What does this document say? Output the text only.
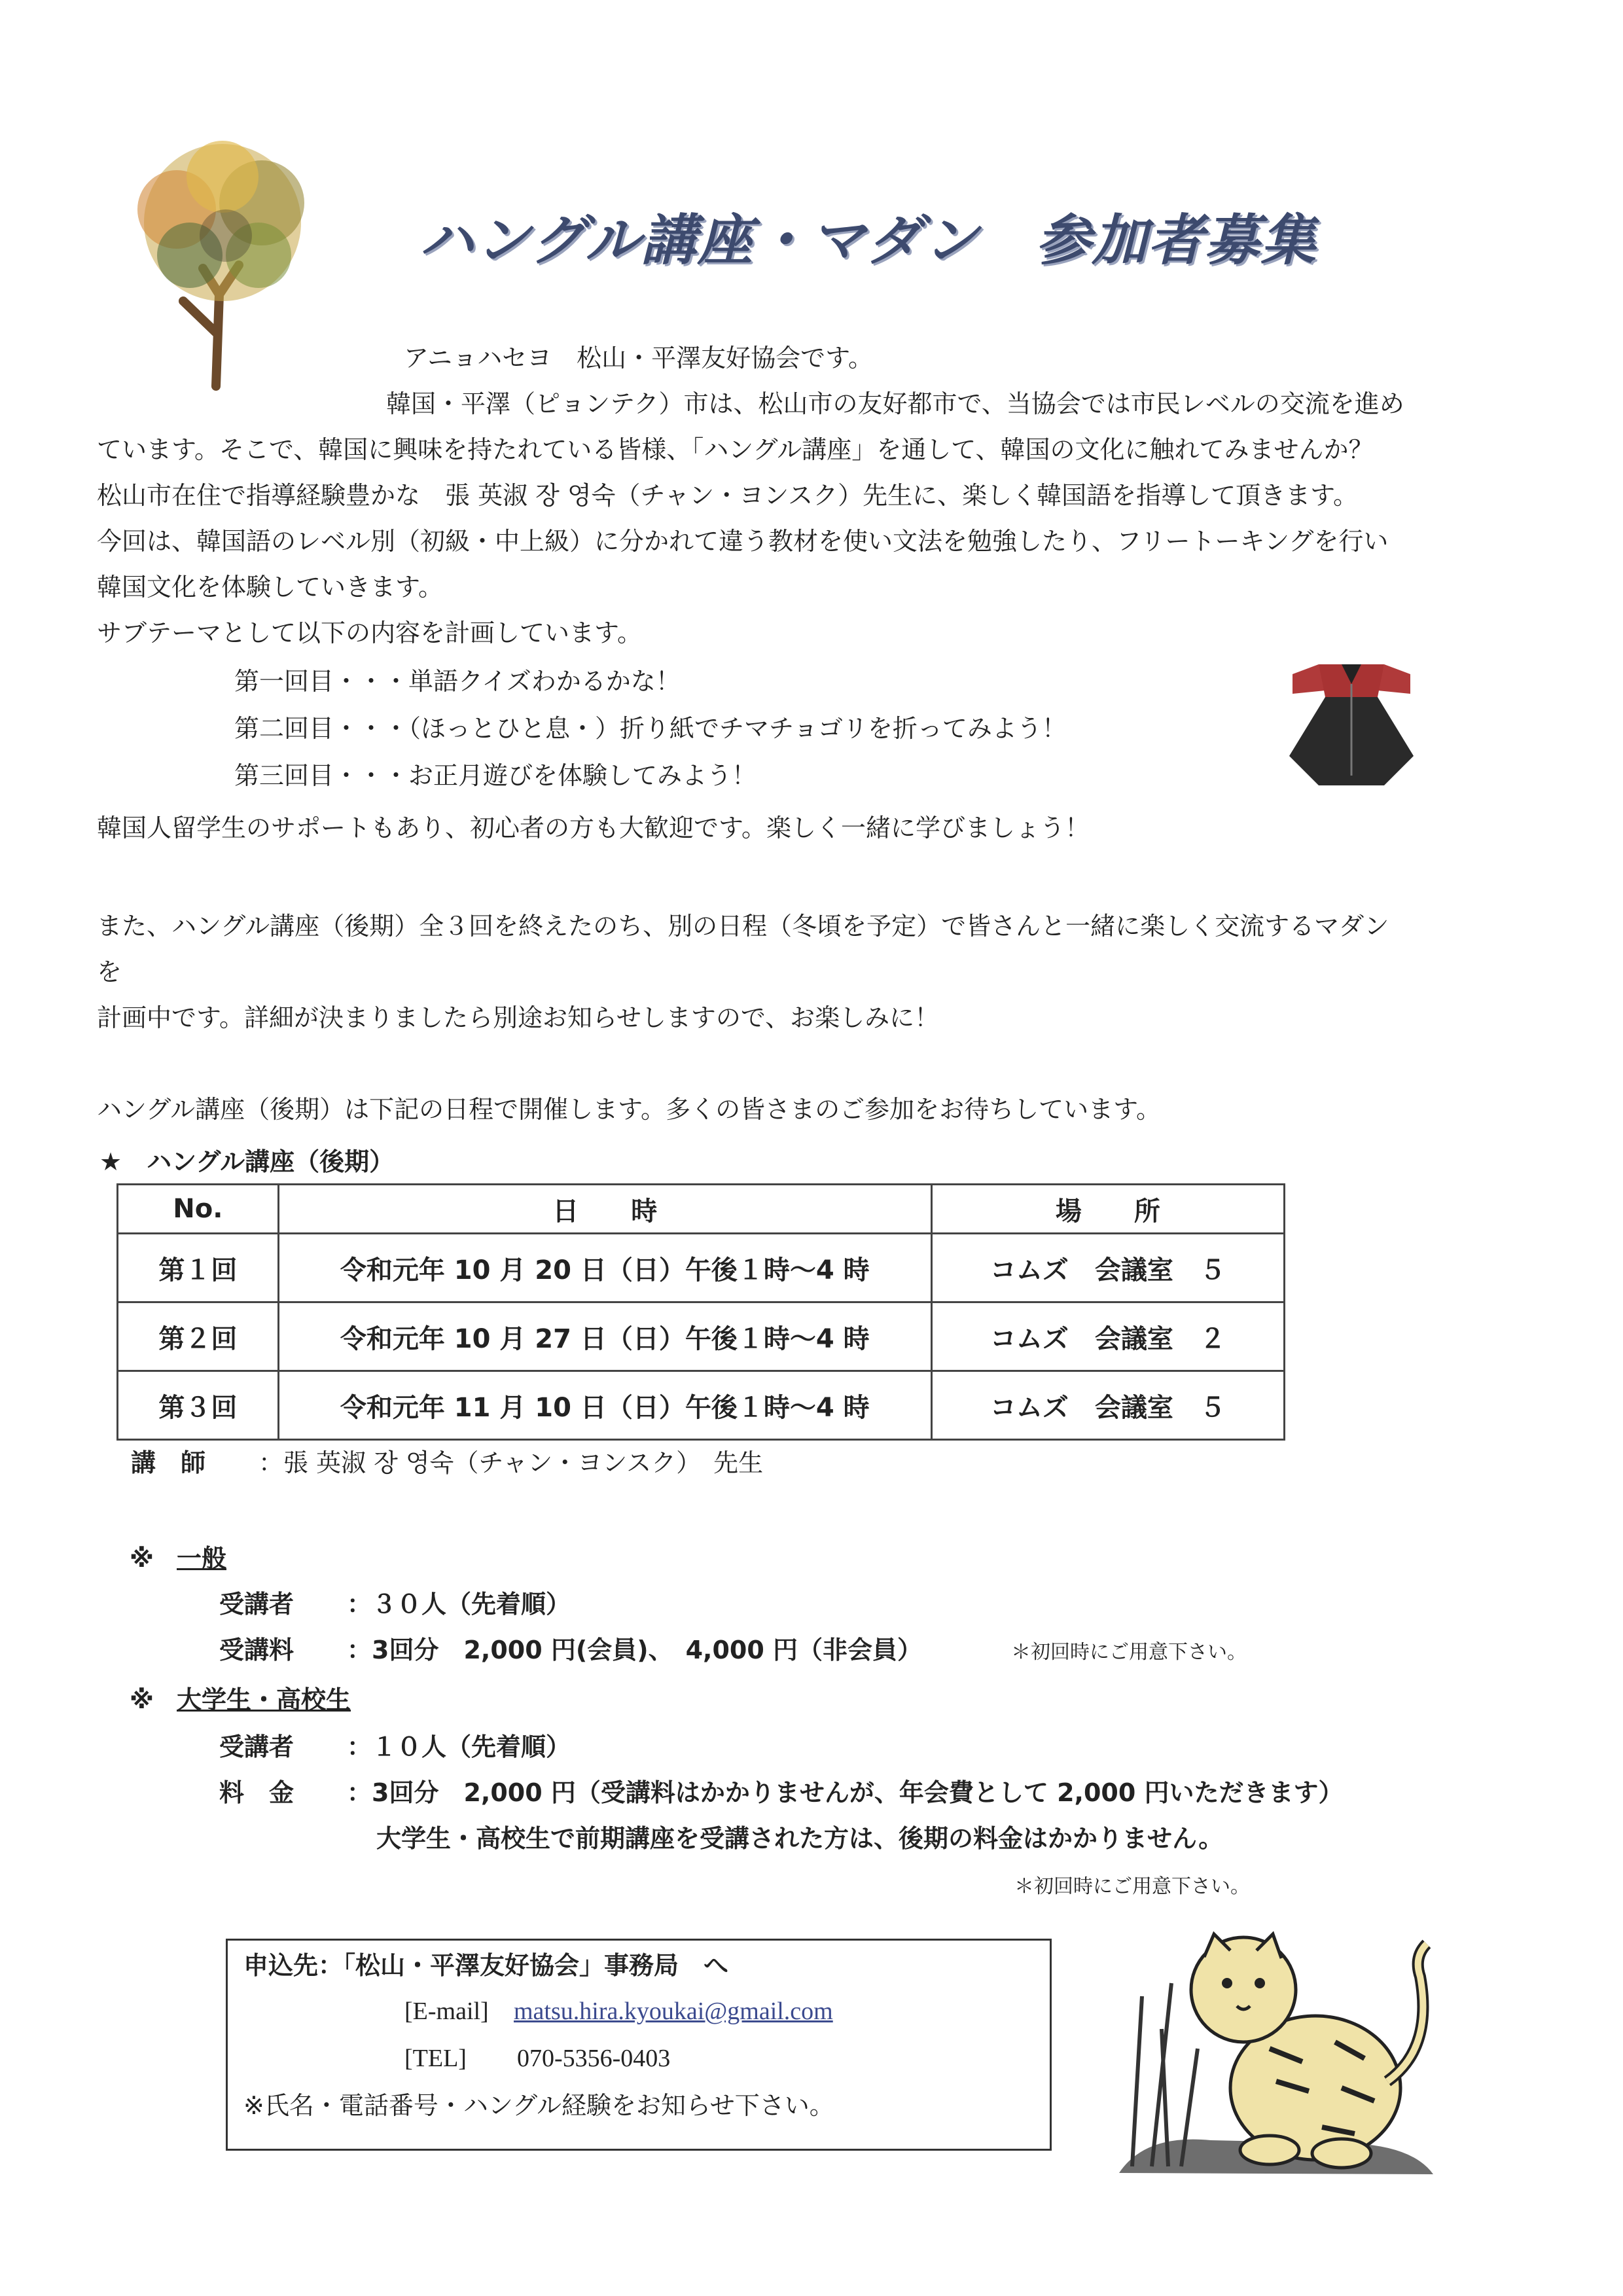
ハングル講座・マダン　参加者募集
アニョハセヨ　松山・平澤友好協会です。
韓国・平澤（ピョンテク）市は、松山市の友好都市で、当協会では市民レベルの交流を進め
ています。そこで、韓国に興味を持たれている皆様、「ハングル講座」を通して、韓国の文化に触れてみませんか？
松山市在住で指導経験豊かな　張 英淑 장 영숙（チャン・ヨンスク）先生に、楽しく韓国語を指導して頂きます。
今回は、韓国語のレベル別（初級・中上級）に分かれて違う教材を使い文法を勉強したり、フリートーキングを行い
韓国文化を体験していきます。
サブテーマとして以下の内容を計画しています。
第一回目・・・単語クイズわかるかな！
第二回目・・・（ほっとひと息・）折り紙でチマチョゴリを折ってみよう！
第三回目・・・お正月遊びを体験してみよう！
韓国人留学生のサポートもあり、初心者の方も大歓迎です。楽しく一緒に学びましょう！
また、ハングル講座（後期）全３回を終えたのち、別の日程（冬頃を予定）で皆さんと一緒に楽しく交流するマダン
を
計画中です。詳細が決まりましたら別途お知らせしますので、お楽しみに！
ハングル講座（後期）は下記の日程で開催します。多くの皆さまのご参加をお待ちしています。
★　ハングル講座（後期）
No.	日　　時	場　　所
第１回	令和元年 10 月 20 日（日）午後１時～4 時	コムズ　会議室　５
第２回	令和元年 10 月 27 日（日）午後１時～4 時	コムズ　会議室　２
第３回	令和元年 11 月 10 日（日）午後１時～4 時	コムズ　会議室　５
講　師 ：張 英淑 장 영숙（チャン・ヨンスク）　先生
※ 一般
受講者 ：３０人（先着順）
受講料 ：3回分　2,000 円(会員)、　4,000 円（非会員）	＊初回時にご用意下さい。
※ 大学生・高校生
受講者 ：１０人（先着順）
料　金 ：3回分　2,000 円（受講料はかかりませんが、年会費として 2,000 円いただきます）
大学生・高校生で前期講座を受講された方は、後期の料金はかかりません。
＊初回時にご用意下さい。
申込先：「松山・平澤友好協会」事務局　へ
[E-mail] matsu.hira.kyoukai@gmail.com
[TEL] 070-5356-0403
※氏名・電話番号・ハングル経験をお知らせ下さい。
